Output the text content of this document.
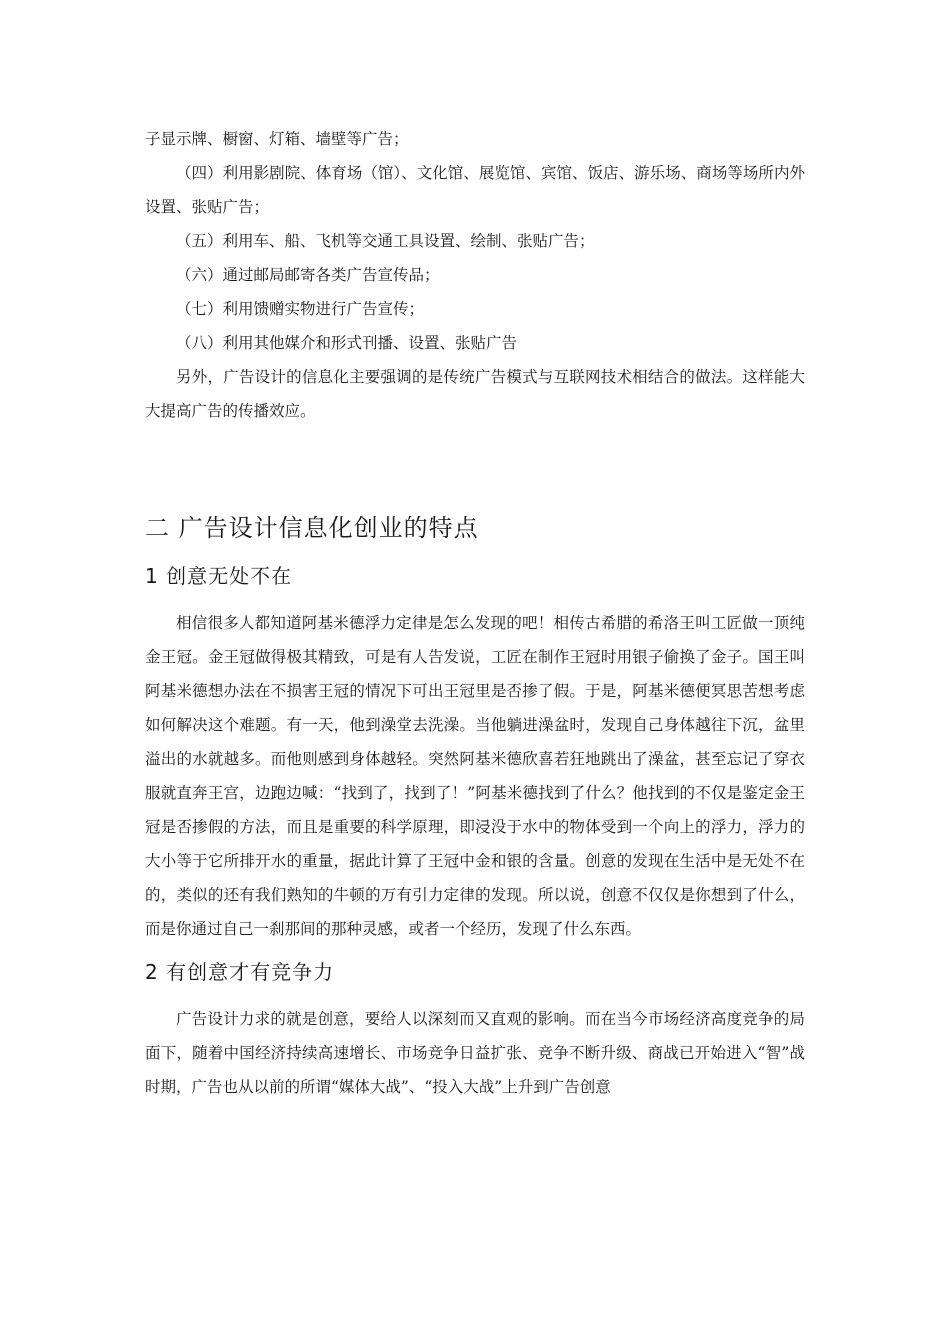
子显示牌、橱窗、灯箱、墙壁等广告；

（四）利用影剧院、体育场（馆）、文化馆、展览馆、宾馆、饭店、游乐场、商场等场所内外设置、张贴广告；

（五）利用车、船、飞机等交通工具设置、绘制、张贴广告；

（六）通过邮局邮寄各类广告宣传品；

（七）利用馈赠实物进行广告宣传；

（八）利用其他媒介和形式刊播、设置、张贴广告

另外，广告设计的信息化主要强调的是传统广告模式与互联网技术相结合的做法。这样能大大提高广告的传播效应。

二 广告设计信息化创业的特点
1 创意无处不在

相信很多人都知道阿基米德浮力定律是怎么发现的吧！相传古希腊的希洛王叫工匠做一顶纯金王冠。金王冠做得极其精致，可是有人告发说，工匠在制作王冠时用银子偷换了金子。国王叫阿基米德想办法在不损害王冠的情况下可出王冠里是否掺了假。于是，阿基米德便冥思苦想考虑如何解决这个难题。有一天，他到澡堂去洗澡。当他躺进澡盆时，发现自己身体越往下沉，盆里溢出的水就越多。而他则感到身体越轻。突然阿基米德欣喜若狂地跳出了澡盆，甚至忘记了穿衣服就直奔王宫，边跑边喊：“找到了，找到了！”阿基米德找到了什么？他找到的不仅是鉴定金王冠是否掺假的方法，而且是重要的科学原理，即浸没于水中的物体受到一个向上的浮力，浮力的大小等于它所排开水的重量，据此计算了王冠中金和银的含量。创意的发现在生活中是无处不在的，类似的还有我们熟知的牛顿的万有引力定律的发现。所以说，创意不仅仅是你想到了什么，而是你通过自己一刹那间的那种灵感，或者一个经历，发现了什么东西。

2 有创意才有竞争力

广告设计力求的就是创意，要给人以深刻而又直观的影响。而在当今市场经济高度竞争的局面下，随着中国经济持续高速增长、市场竞争日益扩张、竞争不断升级、商战已开始进入“智”战时期，广告也从以前的所谓“媒体大战”、“投入大战”上升到广告创意
